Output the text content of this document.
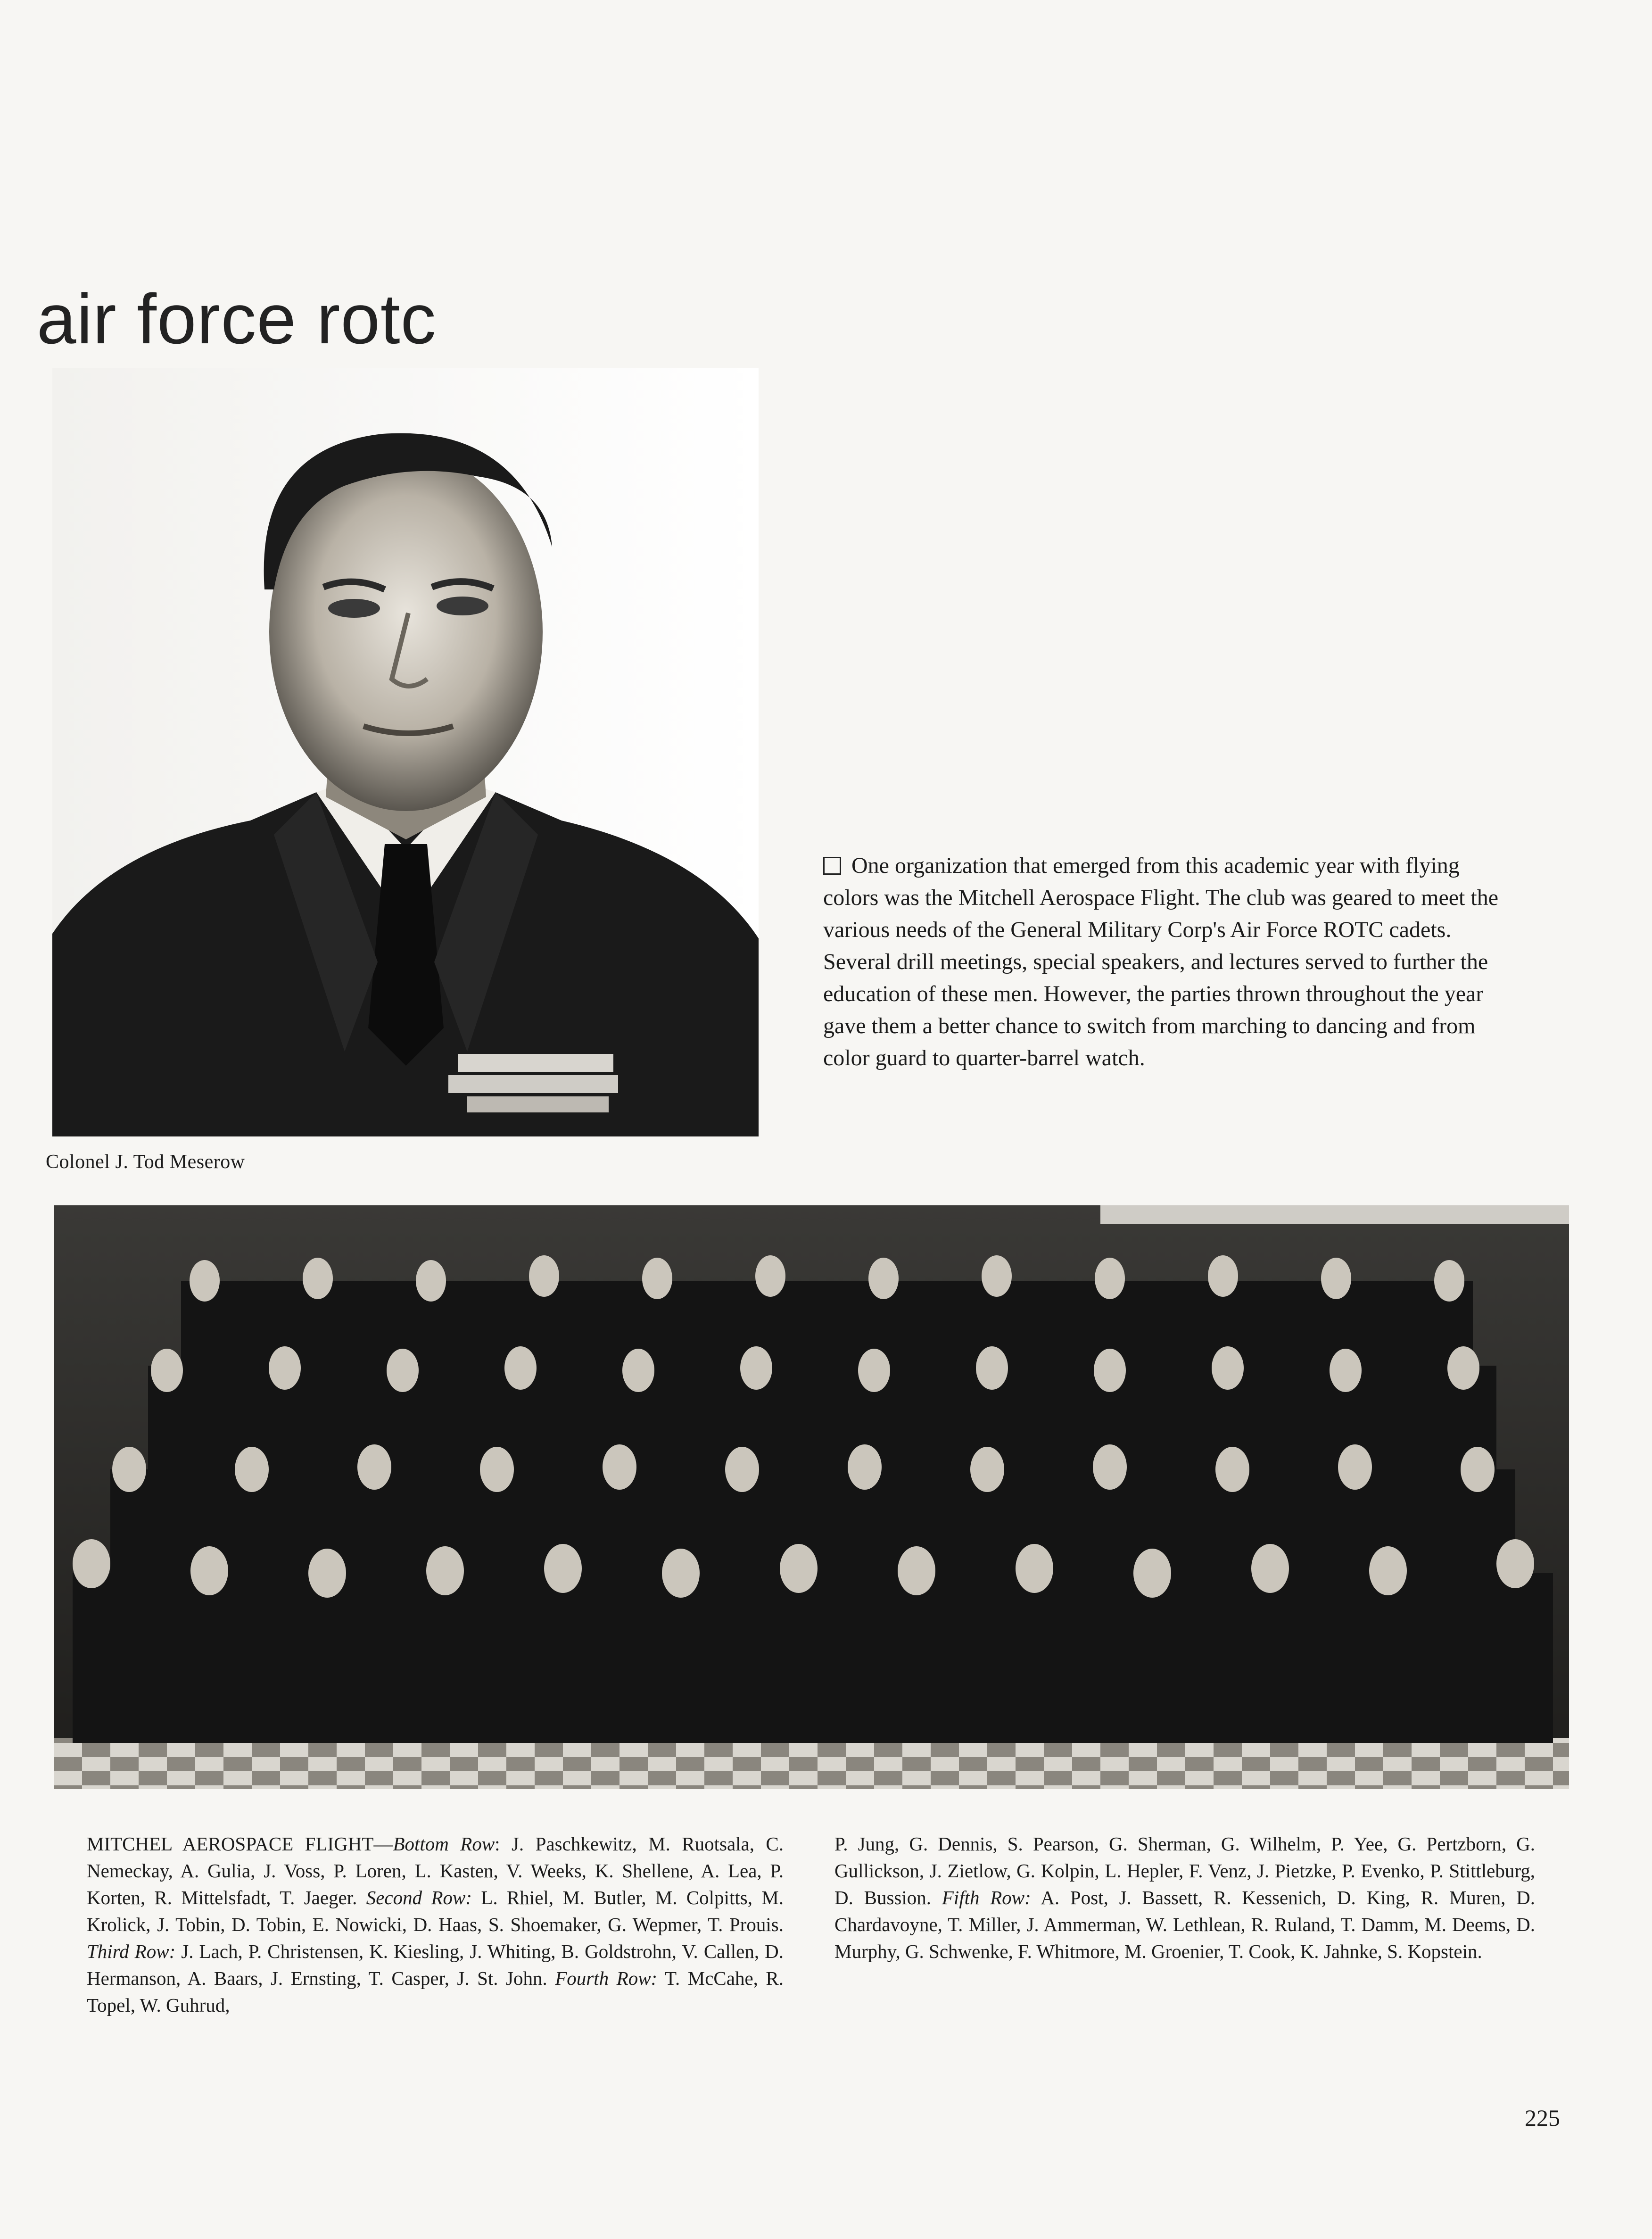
air force rotc
Colonel J. Tod Meserow
One organization that emerged from this academic year with flying colors was the Mitchell Aerospace Flight. The club was geared to meet the various needs of the General Military Corp's Air Force ROTC cadets. Several drill meetings, special speakers, and lectures served to further the education of these men. However, the parties thrown throughout the year gave them a better chance to switch from marching to dancing and from color guard to quarter-barrel watch.
MITCHEL AEROSPACE FLIGHT—Bottom Row: J. Paschkewitz, M. Ruotsala, C. Nemeckay, A. Gulia, J. Voss, P. Loren, L. Kasten, V. Weeks, K. Shellene, A. Lea, P. Korten, R. Mittelsfadt, T. Jaeger. Second Row: L. Rhiel, M. Butler, M. Colpitts, M. Krolick, J. Tobin, D. Tobin, E. Nowicki, D. Haas, S. Shoemaker, G. Wepmer, T. Prouis. Third Row: J. Lach, P. Christensen, K. Kiesling, J. Whiting, B. Goldstrohn, V. Callen, D. Hermanson, A. Baars, J. Ernsting, T. Casper, J. St. John. Fourth Row: T. McCahe, R. Topel, W. Guhrud,
P. Jung, G. Dennis, S. Pearson, G. Sherman, G. Wilhelm, P. Yee, G. Pertzborn, G. Gullickson, J. Zietlow, G. Kolpin, L. Hepler, F. Venz, J. Pietzke, P. Evenko, P. Stittleburg, D. Bussion. Fifth Row: A. Post, J. Bassett, R. Kessenich, D. King, R. Muren, D. Chardavoyne, T. Miller, J. Ammerman, W. Lethlean, R. Ruland, T. Damm, M. Deems, D. Murphy, G. Schwenke, F. Whitmore, M. Groenier, T. Cook, K. Jahnke, S. Kopstein.
225
